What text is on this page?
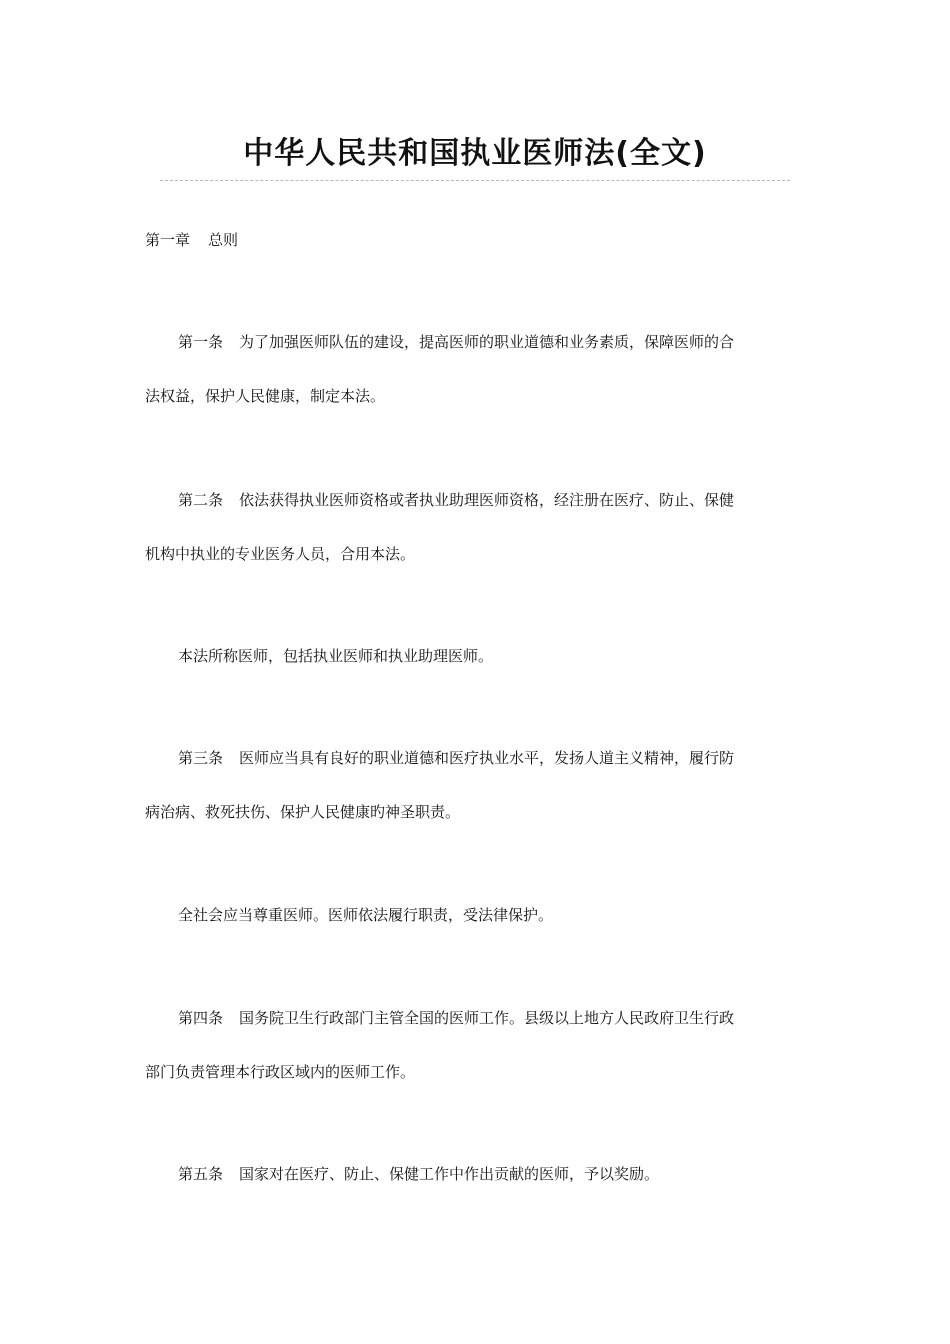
中华人民共和国执业医师法(全文)
第一章 总则
第一条 为了加强医师队伍的建设，提高医师的职业道德和业务素质，保障医师的合
法权益，保护人民健康，制定本法。
第二条 依法获得执业医师资格或者执业助理医师资格，经注册在医疗、防止、保健
机构中执业的专业医务人员，合用本法。
本法所称医师，包括执业医师和执业助理医师。
第三条 医师应当具有良好的职业道德和医疗执业水平，发扬人道主义精神，履行防
病治病、救死扶伤、保护人民健康旳神圣职责。
全社会应当尊重医师。医师依法履行职责，受法律保护。
第四条 国务院卫生行政部门主管全国的医师工作。县级以上地方人民政府卫生行政
部门负责管理本行政区域内的医师工作。
第五条 国家对在医疗、防止、保健工作中作出贡献的医师，予以奖励。
